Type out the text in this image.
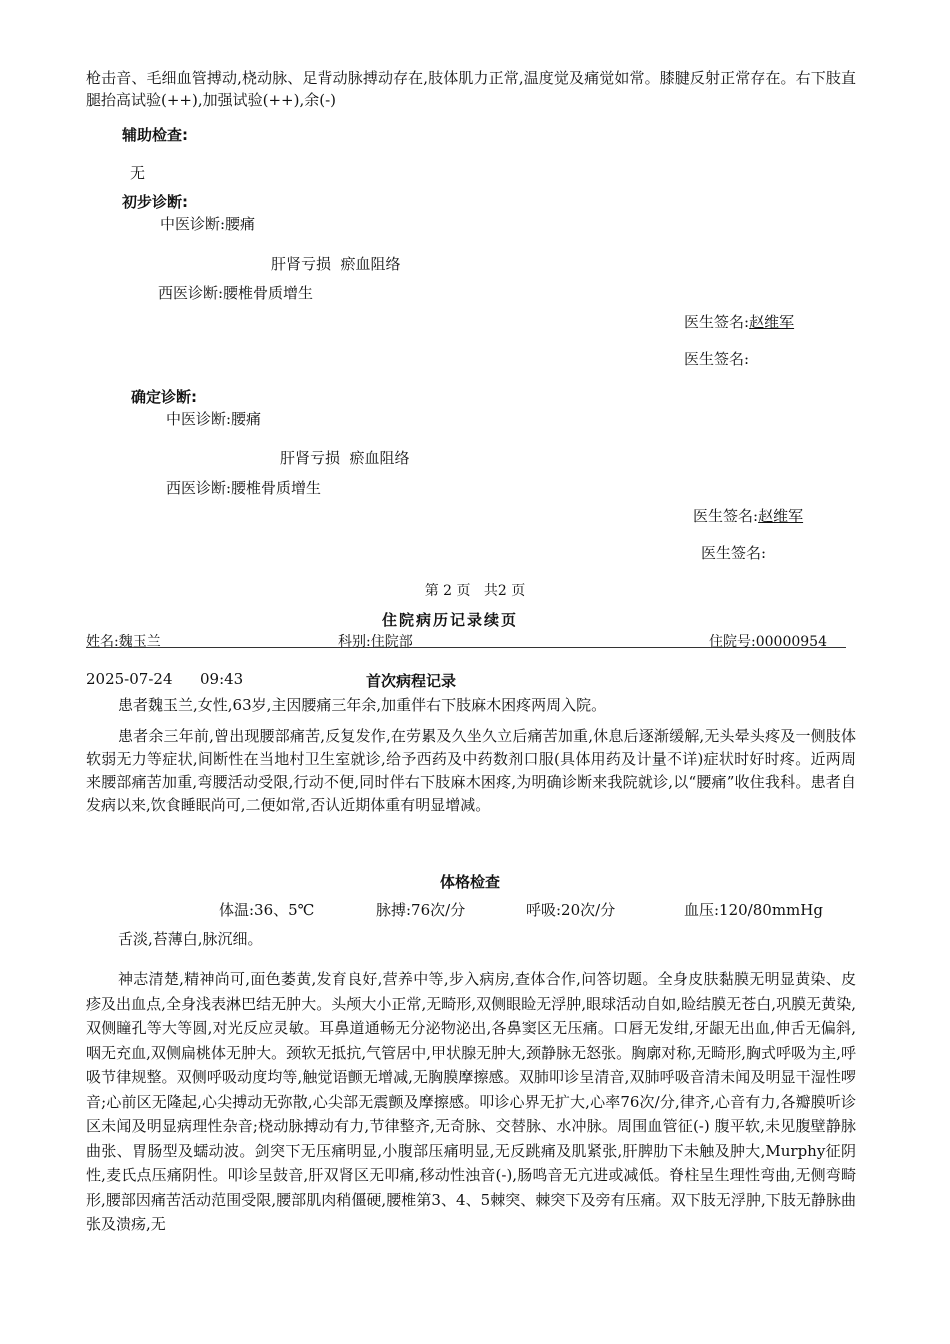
枪击音、毛细血管搏动,桡动脉、足背动脉搏动存在,肢体肌力正常,温度觉及痛觉如常。膝腱反射正常存在。右下肢直腿抬高试验(++),加强试验(++),余(-)
辅助检查:
无
初步诊断:
中医诊断:腰痛
肝肾亏损  瘀血阻络
西医诊断:腰椎骨质增生
医生签名:赵维军
医生签名:
确定诊断:
中医诊断:腰痛
肝肾亏损  瘀血阻络
西医诊断:腰椎骨质增生
医生签名:赵维军
医生签名:
第 2 页   共2 页
住院病历记录续页
姓名:魏玉兰	科别:住院部	住院号:00000954
2025-07-24 09:43	首次病程记录
患者魏玉兰,女性,63岁,主因腰痛三年余,加重伴右下肢麻木困疼两周入院。
患者余三年前,曾出现腰部痛苦,反复发作,在劳累及久坐久立后痛苦加重,休息后逐渐缓解,无头晕头疼及一侧肢体软弱无力等症状,间断性在当地村卫生室就诊,给予西药及中药数剂口服(具体用药及计量不详)症状时好时疼。近两周来腰部痛苦加重,弯腰活动受限,行动不便,同时伴右下肢麻木困疼,为明确诊断来我院就诊,以“腰痛”收住我科。患者自发病以来,饮食睡眠尚可,二便如常,否认近期体重有明显增减。
体格检查
体温:36、5℃	脉搏:76次/分	呼吸:20次/分	血压:120/80mmHg
舌淡,苔薄白,脉沉细。
神志清楚,精神尚可,面色萎黄,发育良好,营养中等,步入病房,查体合作,问答切题。全身皮肤黏膜无明显黄染、皮疹及出血点,全身浅表淋巴结无肿大。头颅大小正常,无畸形,双侧眼睑无浮肿,眼球活动自如,睑结膜无苍白,巩膜无黄染,双侧瞳孔等大等圆,对光反应灵敏。耳鼻道通畅无分泌物泌出,各鼻窦区无压痛。口唇无发绀,牙龈无出血,伸舌无偏斜,咽无充血,双侧扁桃体无肿大。颈软无抵抗,气管居中,甲状腺无肿大,颈静脉无怒张。胸廓对称,无畸形,胸式呼吸为主,呼吸节律规整。双侧呼吸动度均等,触觉语颤无增减,无胸膜摩擦感。双肺叩诊呈清音,双肺呼吸音清未闻及明显干湿性啰音;心前区无隆起,心尖搏动无弥散,心尖部无震颤及摩擦感。叩诊心界无扩大,心率76次/分,律齐,心音有力,各瓣膜听诊区未闻及明显病理性杂音;桡动脉搏动有力,节律整齐,无奇脉、交替脉、水冲脉。周围血管征(-) 腹平软,未见腹壁静脉曲张、胃肠型及蠕动波。剑突下无压痛明显,小腹部压痛明显,无反跳痛及肌紧张,肝脾肋下未触及肿大,Murphy征阴性,麦氏点压痛阴性。叩诊呈鼓音,肝双肾区无叩痛,移动性浊音(-),肠鸣音无亢进或减低。脊柱呈生理性弯曲,无侧弯畸形,腰部因痛苦活动范围受限,腰部肌肉稍僵硬,腰椎第3、4、5棘突、棘突下及旁有压痛。双下肢无浮肿,下肢无静脉曲张及溃疡,无
